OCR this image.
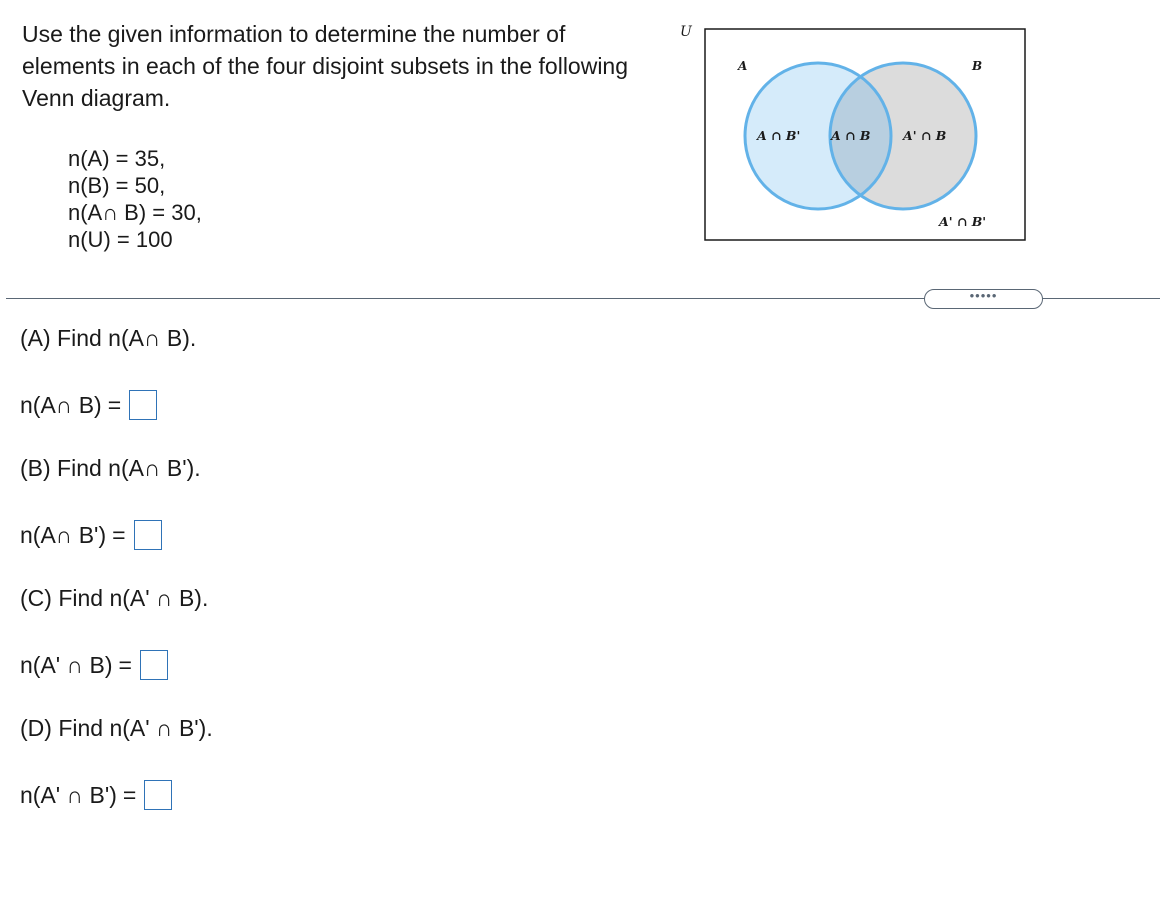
Use the given information to determine the number of elements in each of the four disjoint subsets in the following Venn diagram.
n(A) = 35,
n(B) = 50,
n(A∩ B) = 30,
n(U) = 100
U
A	B
A ∩ B' A ∩ B	A' ∩ B
A' ∩ B'
•••••
(A) Find n(A∩ B).
n(A∩ B) =
(B) Find n(A∩ B').
n(A∩ B') =
(C) Find n(A' ∩ B).
n(A' ∩ B) =
(D) Find n(A' ∩ B').
n(A' ∩ B') =
